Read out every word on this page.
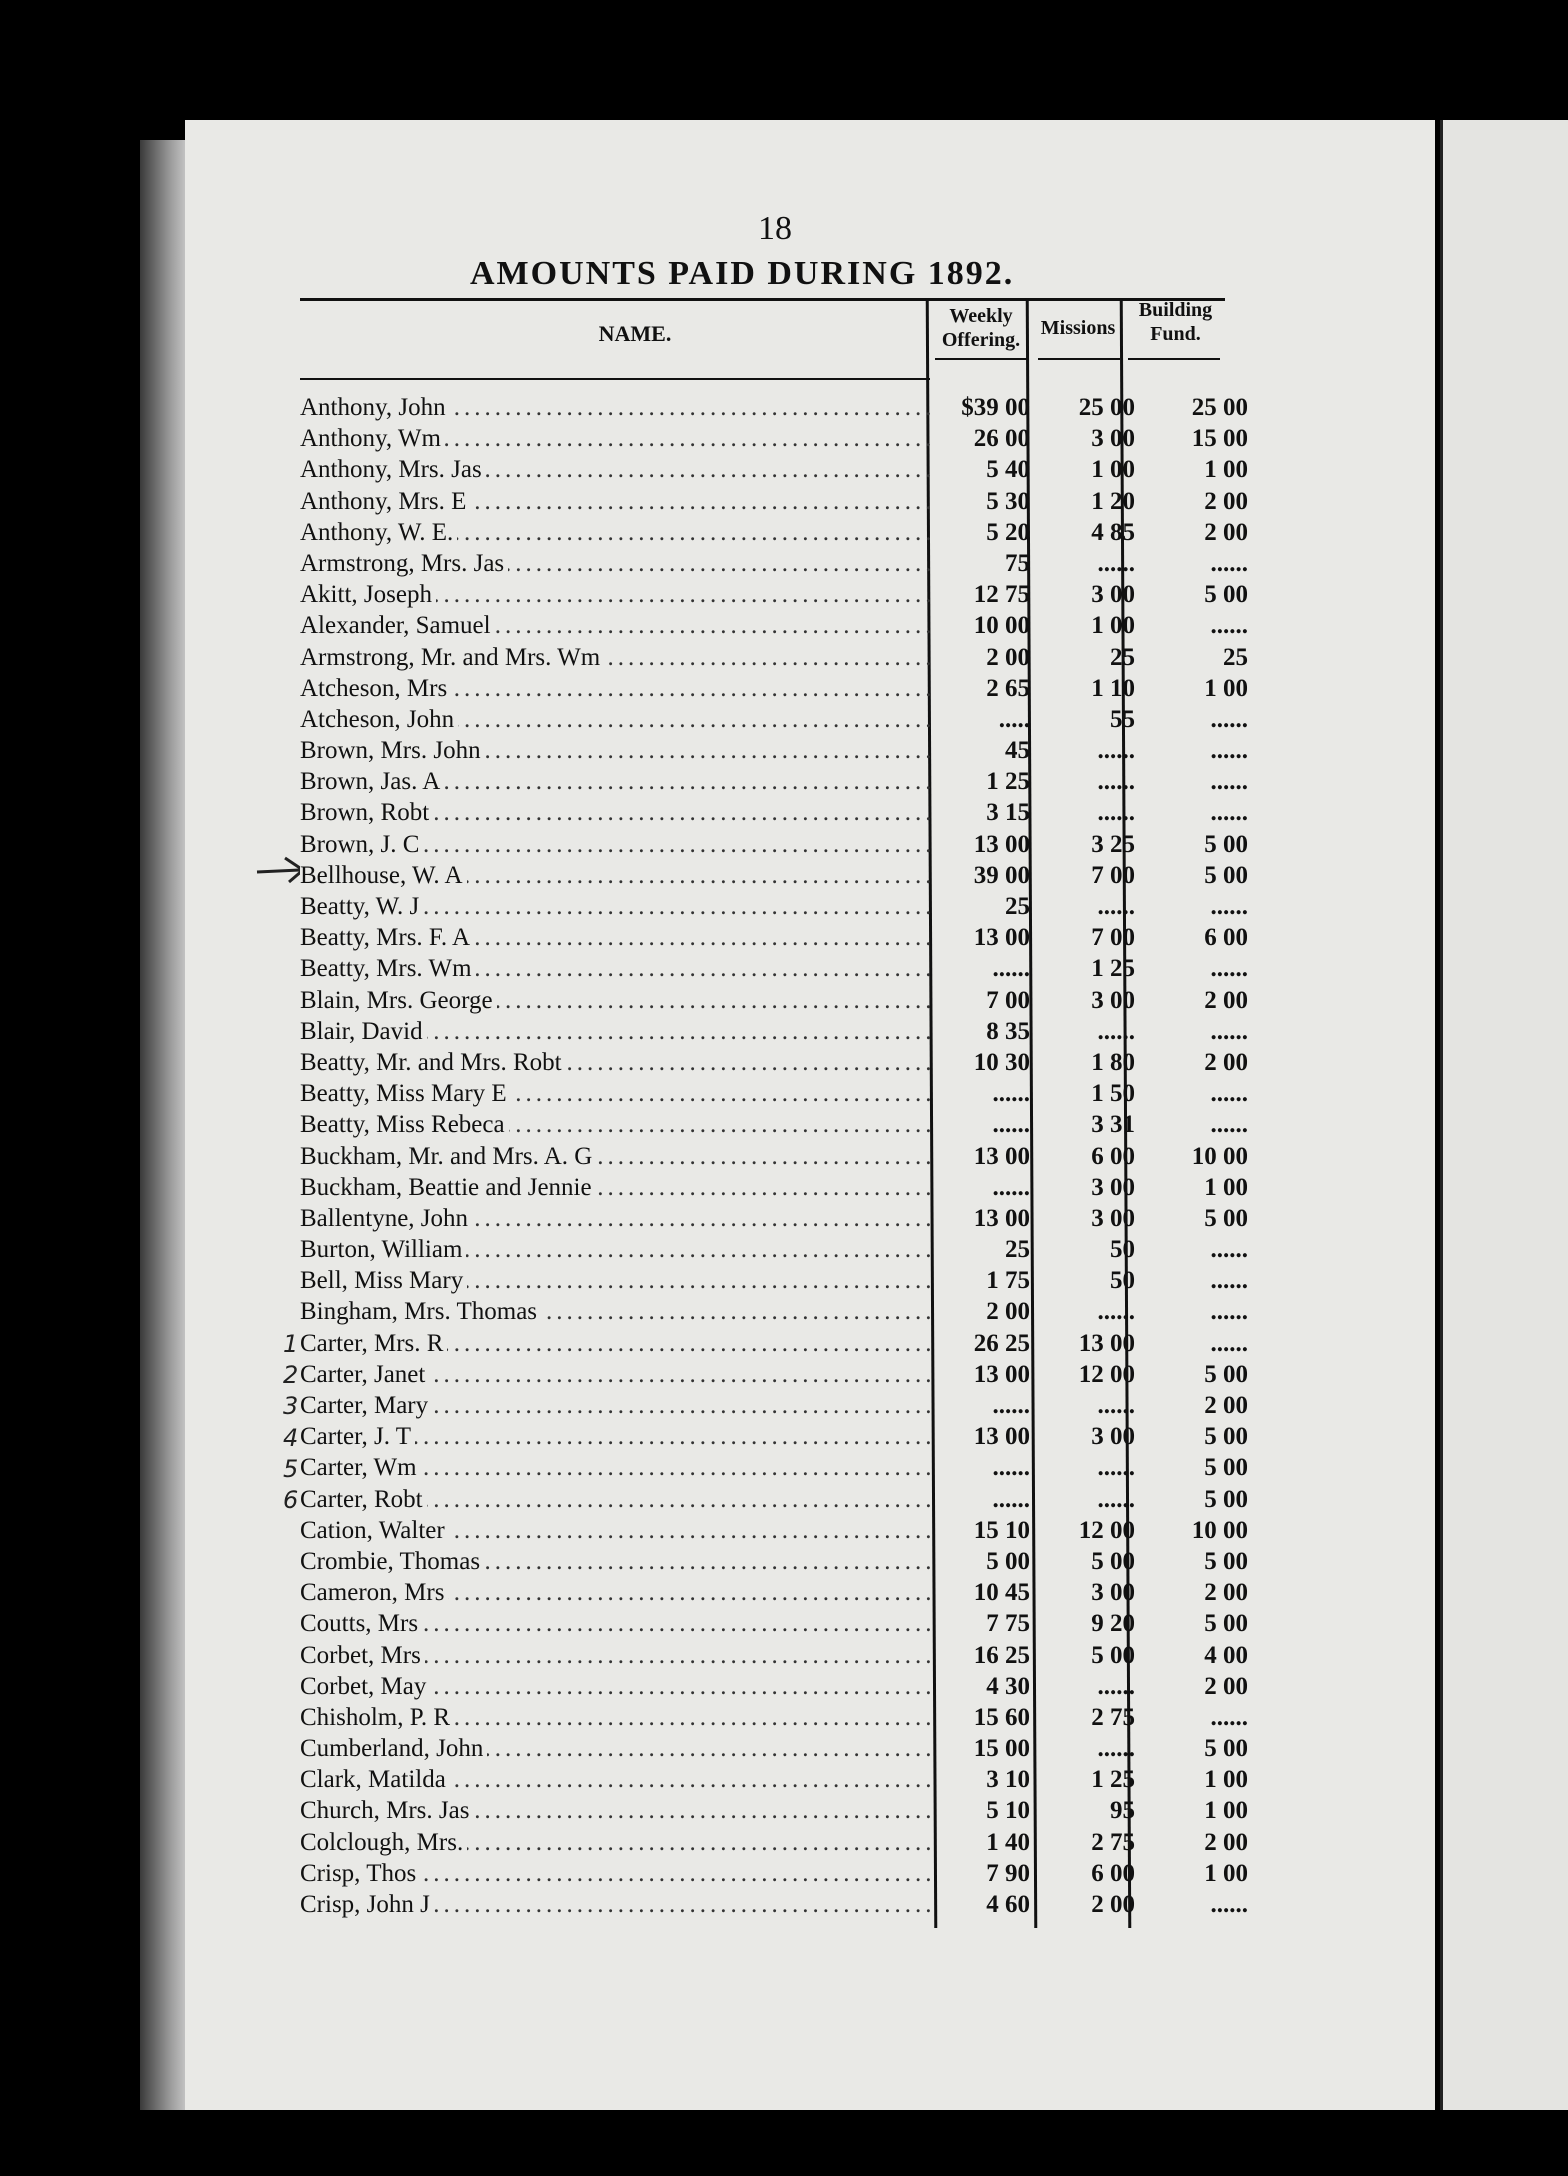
18
AMOUNTS PAID DURING 1892.
NAME.
Weekly Offering.
Missions
Building Fund.
Anthony, John .....	$39 00	25 00	25 00
Anthony, Wm .....	26 00	3 00	15 00
Anthony, Mrs. Jas .....	5 40	1 00	1 00
Anthony, Mrs. E .....	5 30	1 20	2 00
Anthony, W. E. .....	5 20	4 85	2 00
Armstrong, Mrs. Jas .....	75	......	......
Akitt, Joseph .....	12 75	3 00	5 00
Alexander, Samuel .....	10 00	1 00	......
Armstrong, Mr. and Mrs. Wm .....	2 00	25	25
Atcheson, Mrs .....	2 65	1 10	1 00
Atcheson, John .....	.....	55	......
Brown, Mrs. John .....	45	......	......
Brown, Jas. A .....	1 25	......	......
Brown, Robt .....	3 15	......	......
Brown, J. C .....	13 00	3 25	5 00
Bellhouse, W. A .....	39 00	7 00	5 00
Beatty, W. J .....	25	......	......
Beatty, Mrs. F. A .....	13 00	7 00	6 00
Beatty, Mrs. Wm .....	......	1 25	......
Blain, Mrs. George .....	7 00	3 00	2 00
Blair, David .....	8 35	......	......
Beatty, Mr. and Mrs. Robt .....	10 30	1 80	2 00
Beatty, Miss Mary E .....	......	1 50	......
Beatty, Miss Rebeca .....	......	3 31	......
Buckham, Mr. and Mrs. A. G .....	13 00	6 00	10 00
Buckham, Beattie and Jennie .....	......	3 00	1 00
Ballentyne, John .....	13 00	3 00	5 00
Burton, William .....	25	50	......
Bell, Miss Mary .....	1 75	50	......
Bingham, Mrs. Thomas .....	2 00	......	......
Carter, Mrs. R .....	26 25	13 00	......
Carter, Janet .....	13 00	12 00	5 00
Carter, Mary .....	......	......	2 00
Carter, J. T .....	13 00	3 00	5 00
Carter, Wm .....	......	......	5 00
Carter, Robt .....	......	......	5 00
Cation, Walter .....	15 10	12 00	10 00
Crombie, Thomas .....	5 00	5 00	5 00
Cameron, Mrs .....	10 45	3 00	2 00
Coutts, Mrs .....	7 75	9 20	5 00
Corbet, Mrs .....	16 25	5 00	4 00
Corbet, May .....	4 30	......	2 00
Chisholm, P. R .....	15 60	2 75	......
Cumberland, John .....	15 00	......	5 00
Clark, Matilda .....	3 10	1 25	1 00
Church, Mrs. Jas .....	5 10	95	1 00
Colclough, Mrs. .....	1 40	2 75	2 00
Crisp, Thos .....	7 90	6 00	1 00
Crisp, John J .....	4 60	2 00	......
1
2
3
4
5
6
